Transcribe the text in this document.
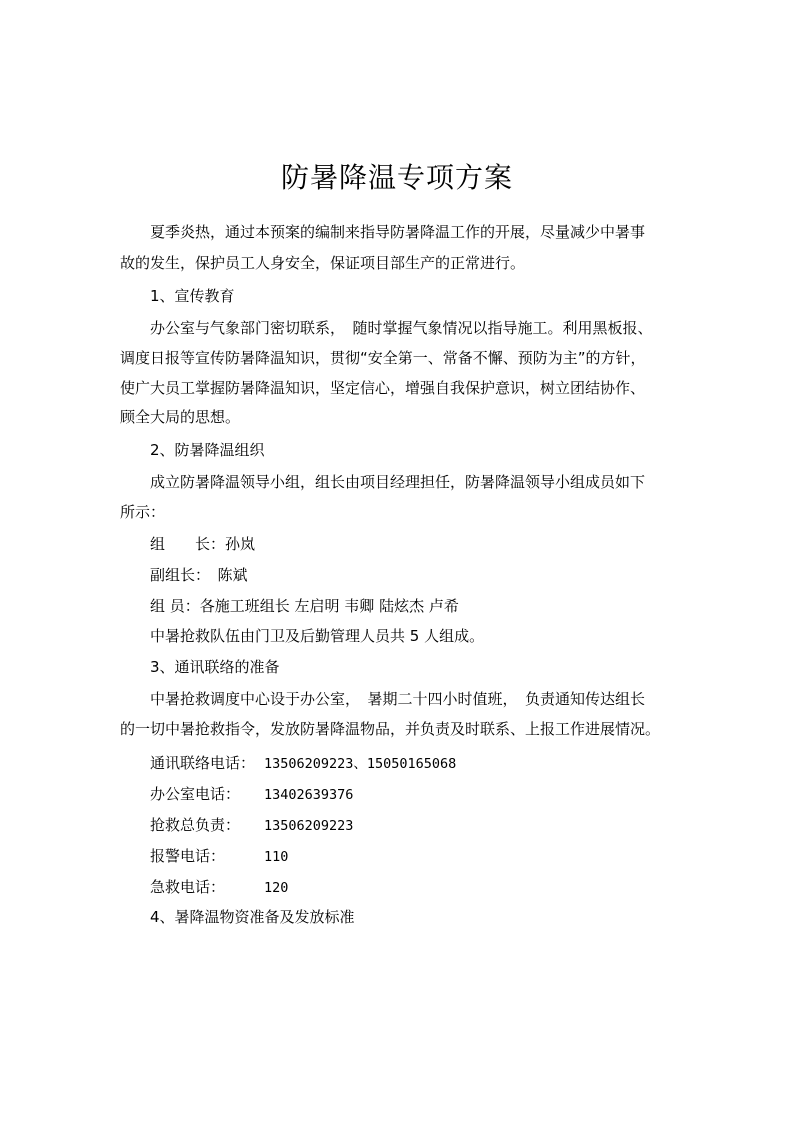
防暑降温专项方案
夏季炎热，通过本预案的编制来指导防暑降温工作的开展，尽量减少中暑事
故的发生，保护员工人身安全，保证项目部生产的正常进行。
1、宣传教育
办公室与气象部门密切联系，　随时掌握气象情况以指导施工。利用黑板报、
调度日报等宣传防暑降温知识，贯彻“安全第一、常备不懈、预防为主”的方针，
使广大员工掌握防暑降温知识，坚定信心，增强自我保护意识，树立团结协作、
顾全大局的思想。
2、防暑降温组织
成立防暑降温领导小组，组长由项目经理担任，防暑降温领导小组成员如下
所示：
组　　长：孙岚
副组长：　陈斌
组 员：各施工班组长 左启明 韦卿 陆炫杰 卢希
中暑抢救队伍由门卫及后勤管理人员共 5 人组成。
3、通讯联络的准备
中暑抢救调度中心设于办公室，　暑期二十四小时值班，　负责通知传达组长
的一切中暑抢救指令，发放防暑降温物品，并负责及时联系、上报工作进展情况。
通讯联络电话： 13506209223、15050165068
办公室电话： 13402639376
抢救总负责： 13506209223
报警电话：	110
急救电话：	120
4、暑降温物资准备及发放标准
